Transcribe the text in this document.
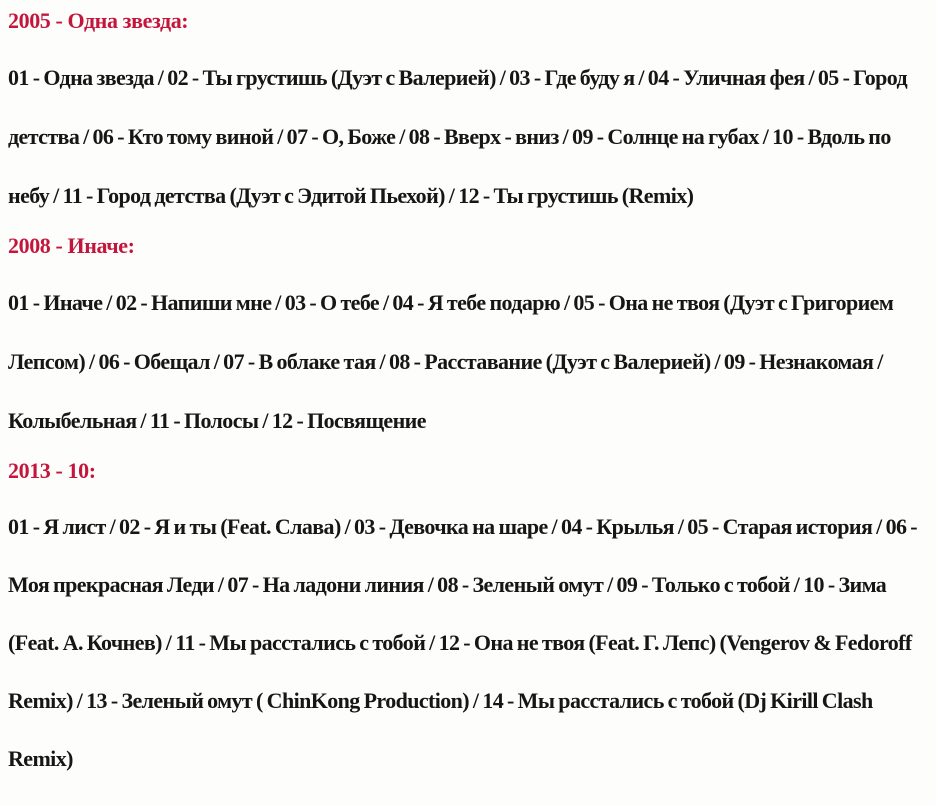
2005 - Одна звезда:

01 - Одна звезда / 02 - Ты грустишь (Дуэт с Валерией) / 03 - Где буду я / 04 - Уличная фея / 05 - Город детства / 06 - Кто тому виной / 07 - О, Боже / 08 - Вверх - вниз / 09 - Солнце на губах / 10 - Вдоль по небу / 11 - Город детства (Дуэт с Эдитой Пьехой) / 12 - Ты грустишь (Remix)

2008 - Иначе:

01 - Иначе / 02 - Напиши мне / 03 - О тебе / 04 - Я тебе подарю / 05 - Она не твоя (Дуэт с Григорием Лепсом) / 06 - Обещал / 07 - В облаке тая / 08 - Расставание (Дуэт с Валерией) / 09 - Незнакомая / Колыбельная / 11 - Полосы / 12 - Посвящение

2013 - 10:

01 - Я лист / 02 - Я и ты (Feat. Слава) / 03 - Девочка на шаре / 04 - Крылья / 05 - Старая история / 06 - Моя прекрасная Леди / 07 - На ладони линия / 08 - Зеленый омут / 09 - Только с тобой / 10 - Зима (Feat. А. Кочнев) / 11 - Мы расстались с тобой / 12 - Она не твоя (Feat. Г. Лепс) (Vengerov & Fedoroff Remix) / 13 - Зеленый омут ( ChinKong Production) / 14 - Мы расстались с тобой (Dj Kirill Clash Remix)
